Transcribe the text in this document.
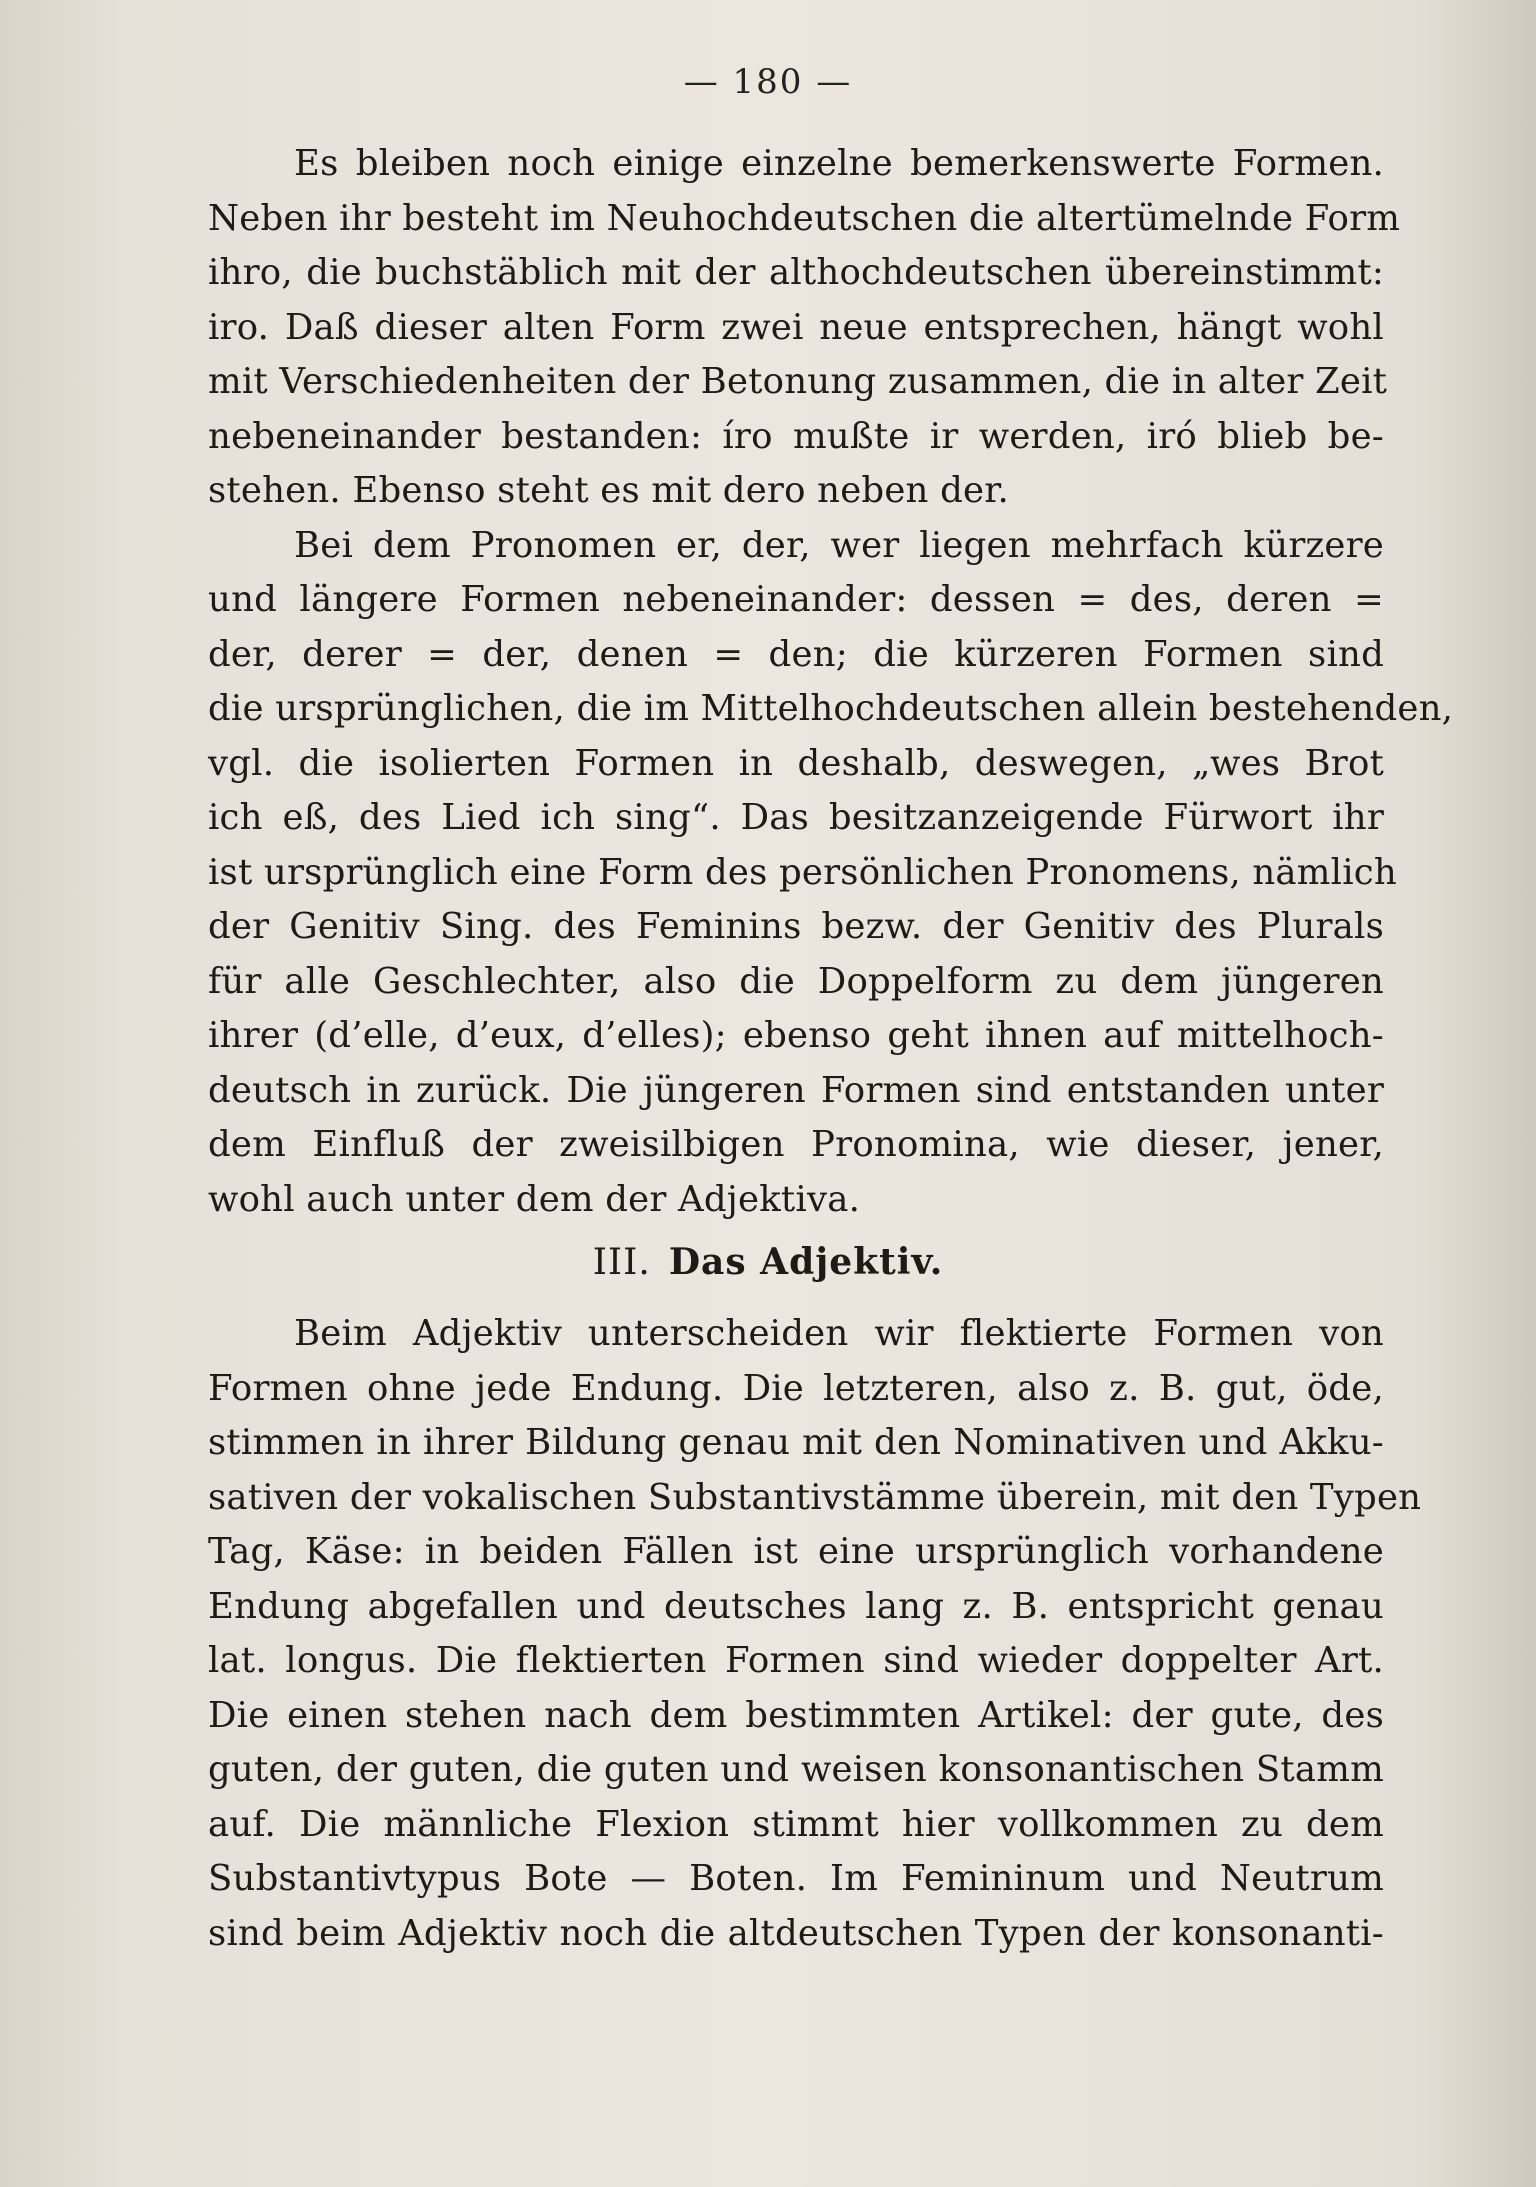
— 180 —
Es bleiben noch einige einzelne bemerkenswerte Formen.
Neben ihr besteht im Neuhochdeutschen die altertümelnde Form
ihro, die buchstäblich mit der althochdeutschen übereinstimmt:
iro. Daß dieser alten Form zwei neue entsprechen, hängt wohl
mit Verschiedenheiten der Betonung zusammen, die in alter Zeit
nebeneinander bestanden: íro mußte ir werden, iró blieb be-
stehen. Ebenso steht es mit dero neben der.
Bei dem Pronomen er, der, wer liegen mehrfach kürzere
und längere Formen nebeneinander: dessen = des, deren =
der, derer = der, denen = den; die kürzeren Formen sind
die ursprünglichen, die im Mittelhochdeutschen allein bestehenden,
vgl. die isolierten Formen in deshalb, deswegen, „wes Brot
ich eß, des Lied ich sing“. Das besitzanzeigende Fürwort ihr
ist ursprünglich eine Form des persönlichen Pronomens, nämlich
der Genitiv Sing. des Feminins bezw. der Genitiv des Plurals
für alle Geschlechter, also die Doppelform zu dem jüngeren
ihrer (d’elle, d’eux, d’elles); ebenso geht ihnen auf mittelhoch-
deutsch in zurück. Die jüngeren Formen sind entstanden unter
dem Einfluß der zweisilbigen Pronomina, wie dieser, jener,
wohl auch unter dem der Adjektiva.
III. Das Adjektiv.
Beim Adjektiv unterscheiden wir flektierte Formen von
Formen ohne jede Endung. Die letzteren, also z. B. gut, öde,
stimmen in ihrer Bildung genau mit den Nominativen und Akku-
sativen der vokalischen Substantivstämme überein, mit den Typen
Tag, Käse: in beiden Fällen ist eine ursprünglich vorhandene
Endung abgefallen und deutsches lang z. B. entspricht genau
lat. longus. Die flektierten Formen sind wieder doppelter Art.
Die einen stehen nach dem bestimmten Artikel: der gute, des
guten, der guten, die guten und weisen konsonantischen Stamm
auf. Die männliche Flexion stimmt hier vollkommen zu dem
Substantivtypus Bote — Boten. Im Femininum und Neutrum
sind beim Adjektiv noch die altdeutschen Typen der konsonanti-
